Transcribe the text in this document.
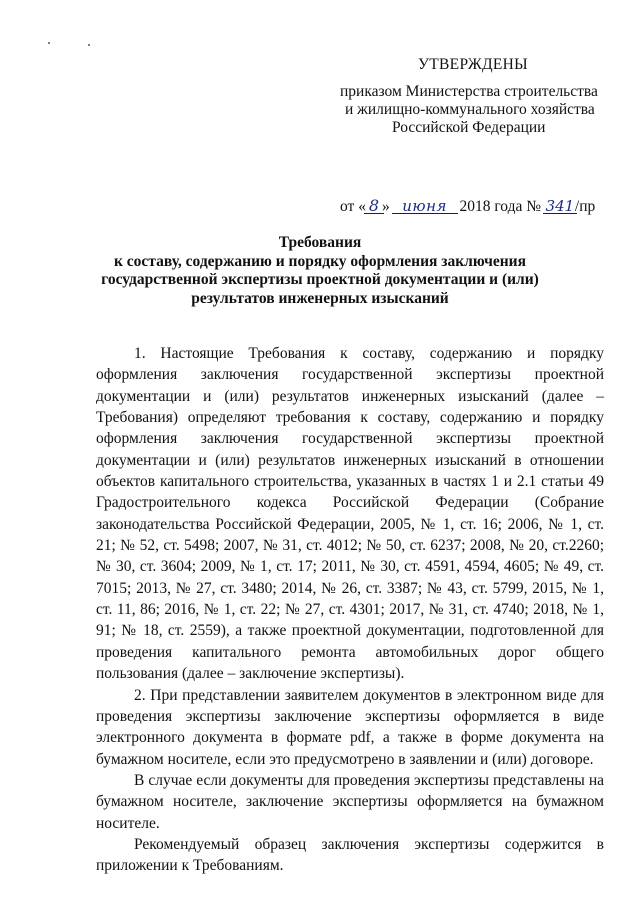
УТВЕРЖДЕНЫ
приказом Министерства строительства
и жилищно-коммунального хозяйства
Российской Федерации
от « 8 » июня 2018 года № 341/пр
Требования
к составу, содержанию и порядку оформления заключения
государственной экспертизы проектной документации и (или)
результатов инженерных изысканий

1. Настоящие Требования к составу, содержанию и порядку оформления заключения государственной экспертизы проектной документации и (или) результатов инженерных изысканий (далее – Требования) определяют требования к составу, содержанию и порядку оформления заключения государственной экспертизы проектной документации и (или) результатов инженерных изысканий в отношении объектов капитального строительства, указанных в частях 1 и 2.1 статьи 49 Градостроительного кодекса Российской Федерации (Собрание законодательства Российской Федерации, 2005, № 1, ст. 16; 2006, № 1, ст. 21; № 52, ст. 5498; 2007, № 31, ст. 4012; № 50, ст. 6237; 2008, № 20, ст.2260; № 30, ст. 3604; 2009, № 1, ст. 17; 2011, № 30, ст. 4591, 4594, 4605; № 49, ст. 7015; 2013, № 27, ст. 3480; 2014, № 26, ст. 3387; № 43, ст. 5799, 2015, № 1, ст. 11, 86; 2016, № 1, ст. 22; № 27, ст. 4301; 2017, № 31, ст. 4740; 2018, № 1, 91; № 18, ст. 2559), а также проектной документации, подготовленной для проведения капитального ремонта автомобильных дорог общего пользования (далее – заключение экспертизы).

2. При представлении заявителем документов в электронном виде для проведения экспертизы заключение экспертизы оформляется в виде электронного документа в формате pdf, а также в форме документа на бумажном носителе, если это предусмотрено в заявлении и (или) договоре.

В случае если документы для проведения экспертизы представлены на бумажном носителе, заключение экспертизы оформляется на бумажном носителе.

Рекомендуемый образец заключения экспертизы содержится в приложении к Требованиям.
